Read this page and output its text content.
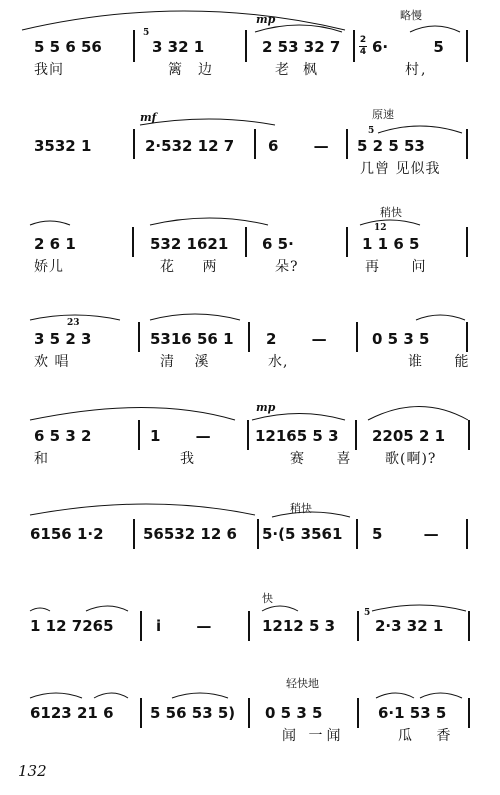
5 5 6 56
5
3 32 1
mp
2 53 32 7
略慢
2
4 6· 5
我问	篱边	老枫	村,
3532 1
mf
2·532 12 7 6 —
原速
5
5 2 5 53
几曾 见似我
2 6 1	532 1621 6 5·
稍快
12
1 1 6 5
娇儿	花 两	朵?	再 问
23
3 5 2 3	5316 56 1 2 —	0 5 3 5
欢 唱	清 溪	水,	谁 能
6 5 3 2	1 —
mp
12165 5 3 2205 2 1
和	我	赛 喜 歌(啊)?
6156 1·2	56532 12 6
稍快
5·(5 3561 5 —
1 12 7265	i —
快
1212 5 3
5
2·3 32 1
6123 21 6 5 56 53 5)
轻快地
0 5 3 5	6·1 53 5
闻 一闻	瓜 香
132
